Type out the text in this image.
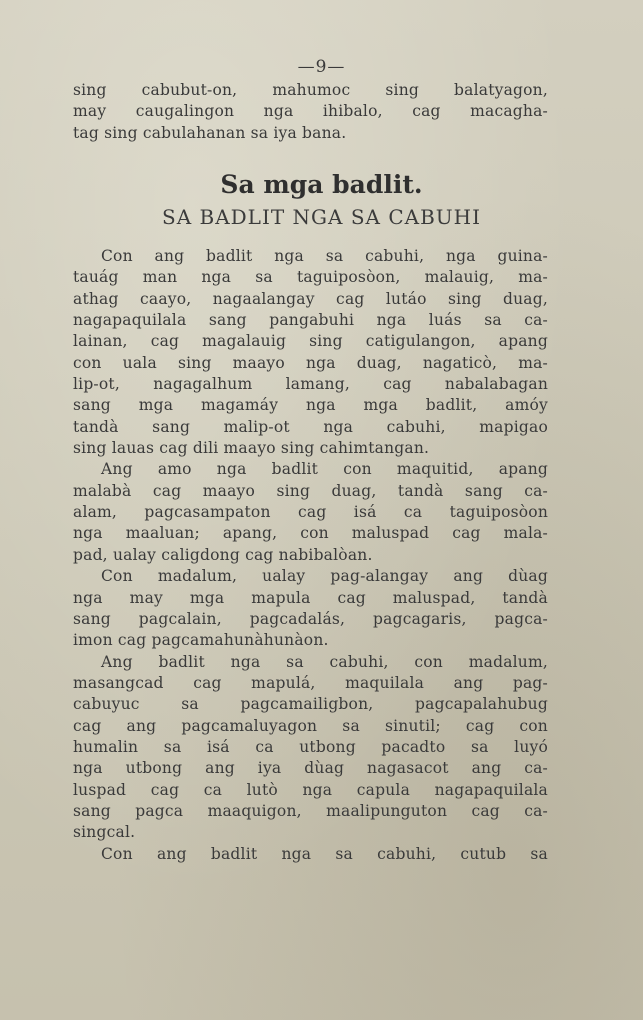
—9—
sing cabubut-on, mahumoc sing balatyagon,
may caugalingon nga ihibalo, cag macagha-
tag sing cabulahanan sa iya bana.
Sa mga badlit.
SA BADLIT NGA SA CABUHI
Con ang badlit nga sa cabuhi, nga guina-
tauág man nga sa taguiposòon, malauig, ma-
athag caayo, nagaalangay cag lutáo sing duag,
nagapaquilala sang pangabuhi nga luás sa ca-
lainan, cag magalauig sing catigulangon, apang
con uala sing maayo nga duag, nagaticò, ma-
lip-ot, nagagalhum lamang, cag nabalabagan
sang mga magamáy nga mga badlit, amóy
tandà sang malip-ot nga cabuhi, mapigao
sing lauas cag dili maayo sing cahimtangan.
Ang amo nga badlit con maquitid, apang
malabà cag maayo sing duag, tandà sang ca-
alam, pagcasampaton cag isá ca taguiposòon
nga maaluan; apang, con maluspad cag mala-
pad, ualay caligdong cag nabibalòan.
Con madalum, ualay pag-alangay ang dùag
nga may mga mapula cag maluspad, tandà
sang pagcalain, pagcadalás, pagcagaris, pagca-
imon cag pagcamahunàhunàon.
Ang badlit nga sa cabuhi, con madalum,
masangcad cag mapulá, maquilala ang pag-
cabuyuc sa pagcamailigbon, pagcapalahubug
cag ang pagcamaluyagon sa sinutil; cag con
humalin sa isá ca utbong pacadto sa luyó
nga utbong ang iya dùag nagasacot ang ca-
luspad cag ca lutò nga capula nagapaquilala
sang pagca maaquigon, maalipunguton cag ca-
singcal.
Con ang badlit nga sa cabuhi, cutub sa
